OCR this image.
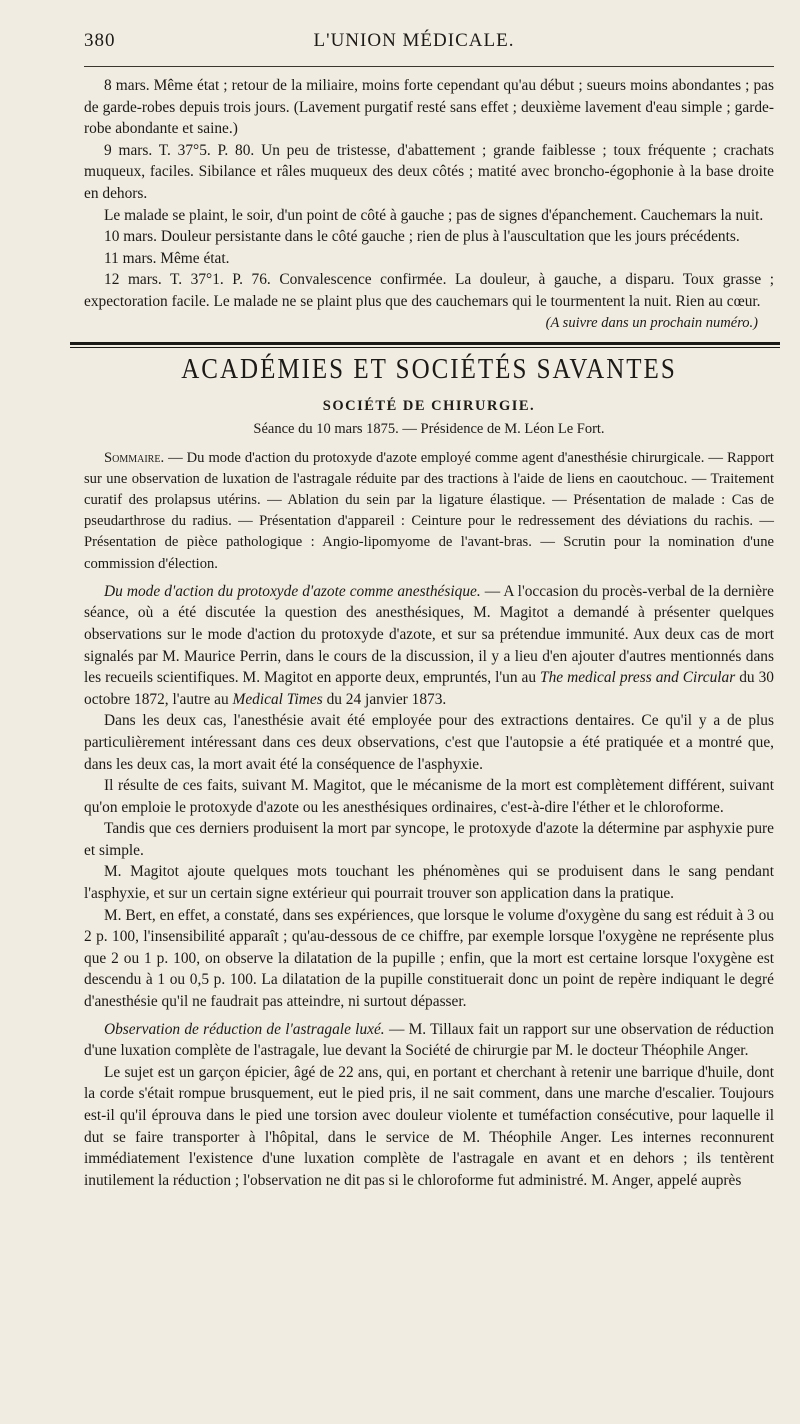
380	L'UNION MÉDICALE.

8 mars. Même état ; retour de la miliaire, moins forte cependant qu'au début ; sueurs moins abondantes ; pas de garde-robes depuis trois jours. (Lavement purgatif resté sans effet ; deuxième lavement d'eau simple ; garde-robe abondante et saine.)

9 mars. T. 37°5. P. 80. Un peu de tristesse, d'abattement ; grande faiblesse ; toux fréquente ; crachats muqueux, faciles. Sibilance et râles muqueux des deux côtés ; matité avec broncho-égophonie à la base droite en dehors.

Le malade se plaint, le soir, d'un point de côté à gauche ; pas de signes d'épanchement. Cauchemars la nuit.

10 mars. Douleur persistante dans le côté gauche ; rien de plus à l'auscultation que les jours précédents.

11 mars. Même état.

12 mars. T. 37°1. P. 76. Convalescence confirmée. La douleur, à gauche, a disparu. Toux grasse ; expectoration facile. Le malade ne se plaint plus que des cauchemars qui le tourmentent la nuit. Rien au cœur.

(A suivre dans un prochain numéro.)
ACADÉMIES ET SOCIÉTÉS SAVANTES
SOCIÉTÉ DE CHIRURGIE.
Séance du 10 mars 1875. — Présidence de M. Léon Le Fort.

Sommaire. — Du mode d'action du protoxyde d'azote employé comme agent d'anesthésie chirurgicale. — Rapport sur une observation de luxation de l'astragale réduite par des tractions à l'aide de liens en caoutchouc. — Traitement curatif des prolapsus utérins. — Ablation du sein par la ligature élastique. — Présentation de malade : Cas de pseudarthrose du radius. — Présentation d'appareil : Ceinture pour le redressement des déviations du rachis. — Présentation de pièce pathologique : Angio-lipomyome de l'avant-bras. — Scrutin pour la nomination d'une commission d'élection.

Du mode d'action du protoxyde d'azote comme anesthésique. — A l'occasion du procès-verbal de la dernière séance, où a été discutée la question des anesthésiques, M. Magitot a demandé à présenter quelques observations sur le mode d'action du protoxyde d'azote, et sur sa prétendue immunité. Aux deux cas de mort signalés par M. Maurice Perrin, dans le cours de la discussion, il y a lieu d'en ajouter d'autres mentionnés dans les recueils scientifiques. M. Magitot en apporte deux, empruntés, l'un au The medical press and Circular du 30 octobre 1872, l'autre au Medical Times du 24 janvier 1873.

Dans les deux cas, l'anesthésie avait été employée pour des extractions dentaires. Ce qu'il y a de plus particulièrement intéressant dans ces deux observations, c'est que l'autopsie a été pratiquée et a montré que, dans les deux cas, la mort avait été la conséquence de l'asphyxie.

Il résulte de ces faits, suivant M. Magitot, que le mécanisme de la mort est complètement différent, suivant qu'on emploie le protoxyde d'azote ou les anesthésiques ordinaires, c'est-à-dire l'éther et le chloroforme.

Tandis que ces derniers produisent la mort par syncope, le protoxyde d'azote la détermine par asphyxie pure et simple.

M. Magitot ajoute quelques mots touchant les phénomènes qui se produisent dans le sang pendant l'asphyxie, et sur un certain signe extérieur qui pourrait trouver son application dans la pratique.

M. Bert, en effet, a constaté, dans ses expériences, que lorsque le volume d'oxygène du sang est réduit à 3 ou 2 p. 100, l'insensibilité apparaît ; qu'au-dessous de ce chiffre, par exemple lorsque l'oxygène ne représente plus que 2 ou 1 p. 100, on observe la dilatation de la pupille ; enfin, que la mort est certaine lorsque l'oxygène est descendu à 1 ou 0,5 p. 100. La dilatation de la pupille constituerait donc un point de repère indiquant le degré d'anesthésie qu'il ne faudrait pas atteindre, ni surtout dépasser.

Observation de réduction de l'astragale luxé. — M. Tillaux fait un rapport sur une observation de réduction d'une luxation complète de l'astragale, lue devant la Société de chirurgie par M. le docteur Théophile Anger.

Le sujet est un garçon épicier, âgé de 22 ans, qui, en portant et cherchant à retenir une barrique d'huile, dont la corde s'était rompue brusquement, eut le pied pris, il ne sait comment, dans une marche d'escalier. Toujours est-il qu'il éprouva dans le pied une torsion avec douleur violente et tuméfaction consécutive, pour laquelle il dut se faire transporter à l'hôpital, dans le service de M. Théophile Anger. Les internes reconnurent immédiatement l'existence d'une luxation complète de l'astragale en avant et en dehors ; ils tentèrent inutilement la réduction ; l'observation ne dit pas si le chloroforme fut administré. M. Anger, appelé auprès
